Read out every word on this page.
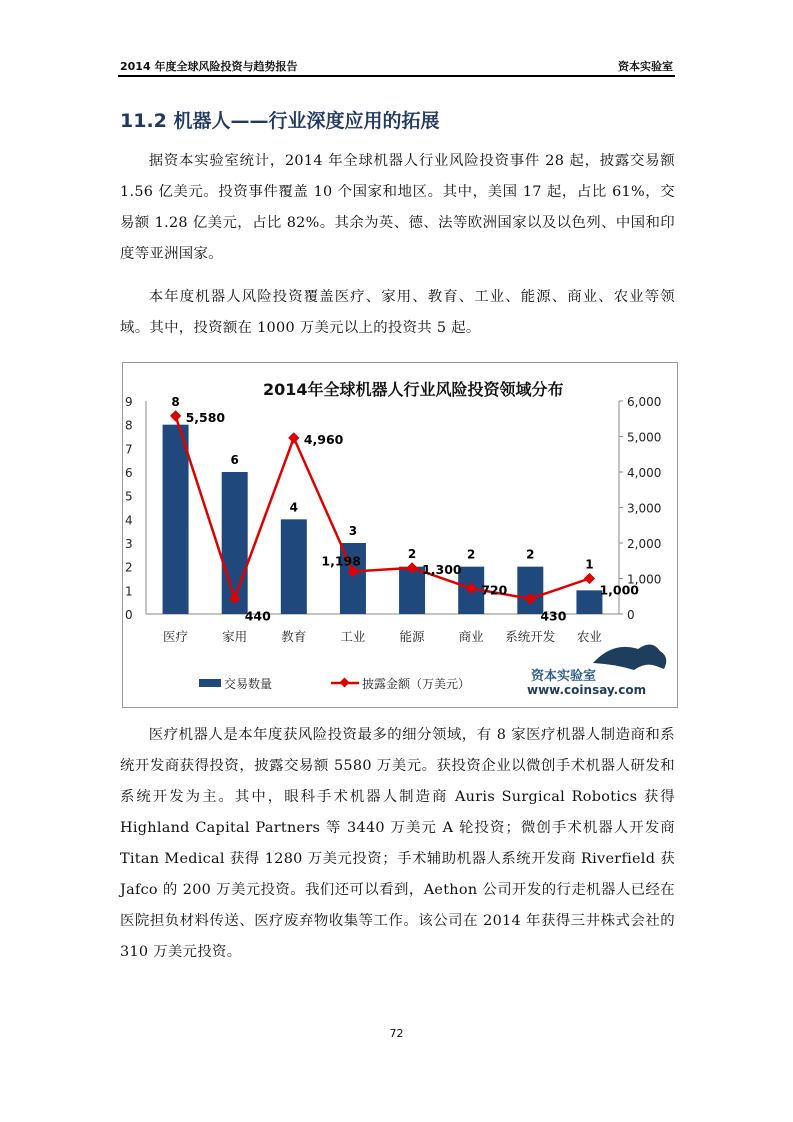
2014 年度全球风险投资与趋势报告	资本实验室
11.2 机器人——行业深度应用的拓展
据资本实验室统计，2014 年全球机器人行业风险投资事件 28 起，披露交易额 1.56 亿美元。投资事件覆盖 10 个国家和地区。其中，美国 17 起，占比 61%，交易额 1.28 亿美元，占比 82%。其余为英、德、法等欧洲国家以及以色列、中国和印度等亚洲国家。
本年度机器人风险投资覆盖医疗、家用、教育、工业、能源、商业、农业等领域。其中，投资额在 1000 万美元以上的投资共 5 起。
2014年全球机器人行业风险投资领域分布
0
1
2
3
4
5
6
7
8
9
0
1,000
2,000
3,000
4,000
5,000
6,000
医疗	家用	教育	工业	能源	商业 系统开发 农业
5,580
440
4,960
1,198
1,300
720
430
1,000
8
6
4
3
2	2	2
1
交易数量	披露金额（万美元）	资本实验室
www.coinsay.com
医疗机器人是本年度获风险投资最多的细分领域，有 8 家医疗机器人制造商和系统开发商获得投资，披露交易额 5580 万美元。获投资企业以微创手术机器人研发和系统开发为主。其中，眼科手术机器人制造商 Auris Surgical Robotics 获得 Highland Capital Partners 等 3440 万美元 A 轮投资；微创手术机器人开发商 Titan Medical 获得 1280 万美元投资；手术辅助机器人系统开发商 Riverfield 获 Jafco 的 200 万美元投资。我们还可以看到，Aethon 公司开发的行走机器人已经在医院担负材料传送、医疗废弃物收集等工作。该公司在 2014 年获得三井株式会社的 310 万美元投资。
72
